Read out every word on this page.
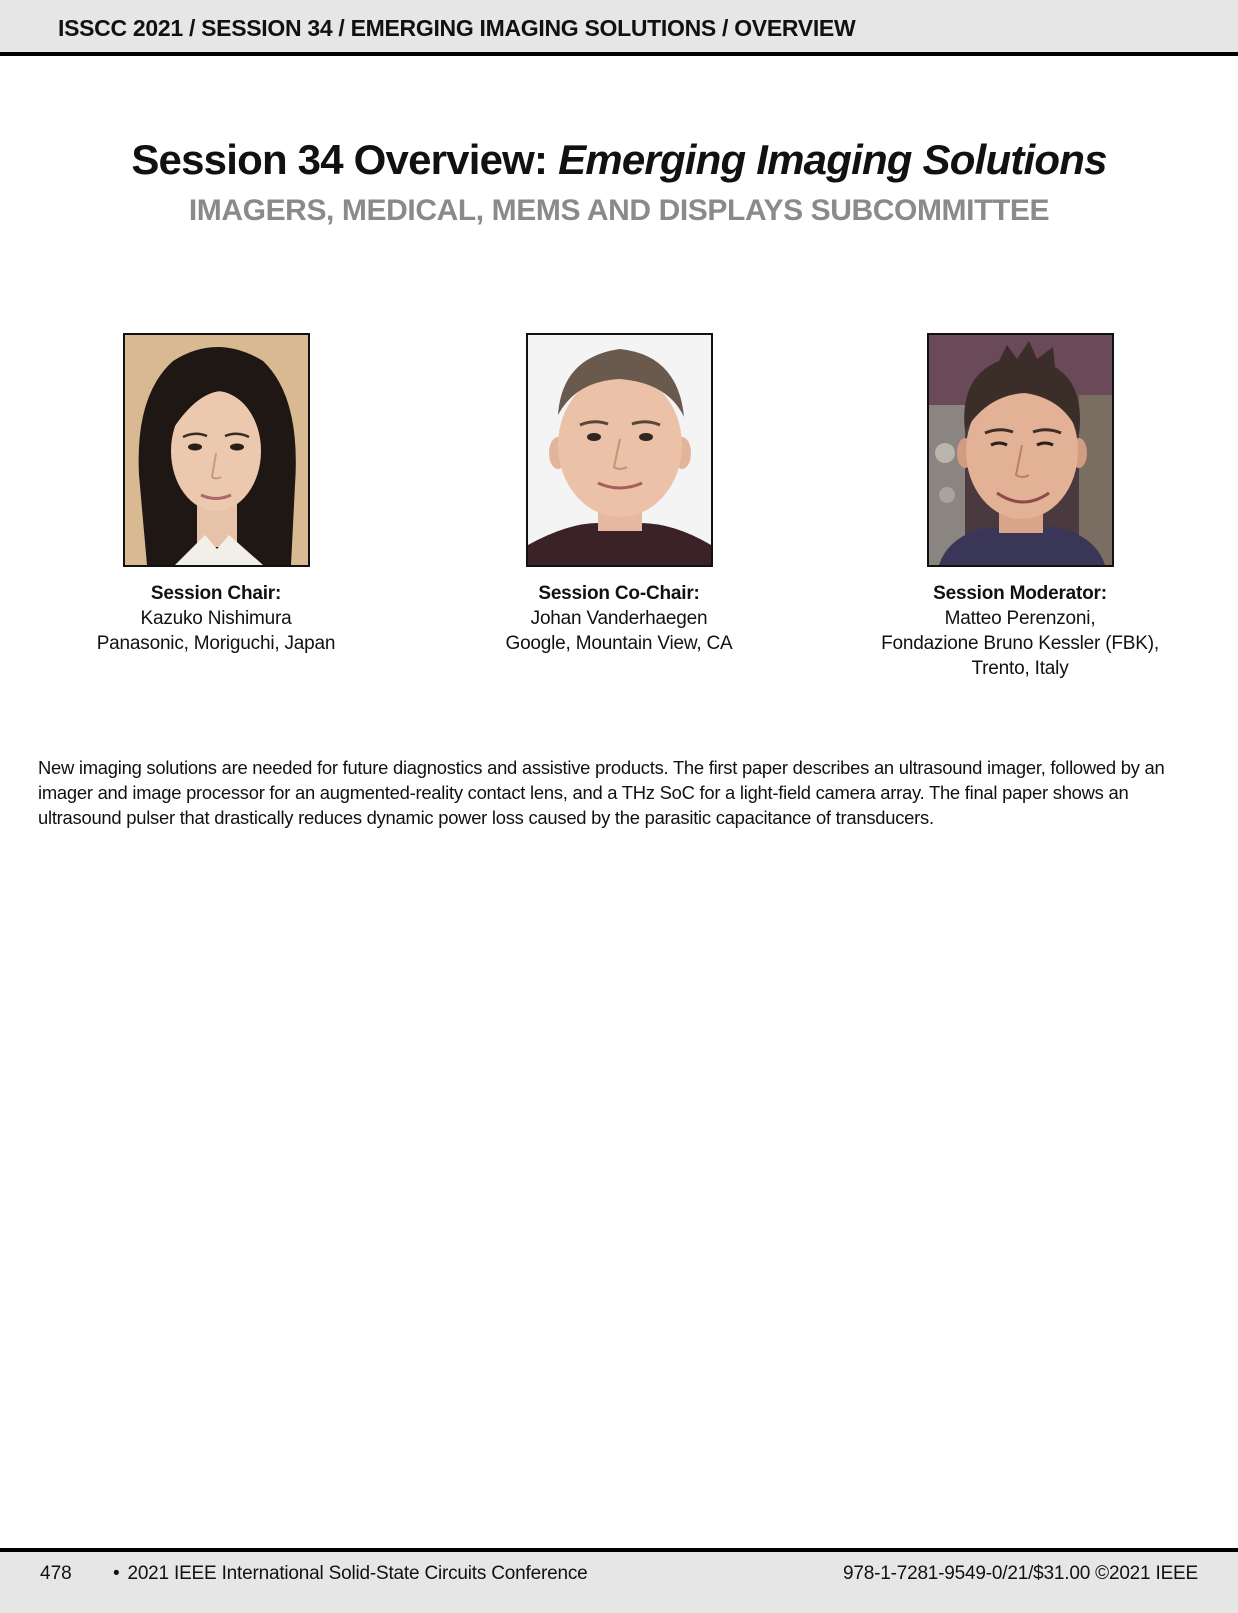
ISSCC 2021 / SESSION 34 / EMERGING IMAGING SOLUTIONS / OVERVIEW
Session 34 Overview: Emerging Imaging Solutions
IMAGERS, MEDICAL, MEMS AND DISPLAYS SUBCOMMITTEE
Session Chair:
Kazuko Nishimura
Panasonic, Moriguchi, Japan
Session Co-Chair:
Johan Vanderhaegen
Google, Mountain View, CA
Session Moderator:
Matteo Perenzoni,
Fondazione Bruno Kessler (FBK),
Trento, Italy

New imaging solutions are needed for future diagnostics and assistive products. The first paper describes an ultrasound imager, followed by an imager and image processor for an augmented-reality contact lens, and a THz SoC for a light-field camera array. The final paper shows an ultrasound pulser that drastically reduces dynamic power loss caused by the parasitic capacitance of transducers.

478 • 2021 IEEE International Solid-State Circuits Conference	978-1-7281-9549-0/21/$31.00 ©2021 IEEE
